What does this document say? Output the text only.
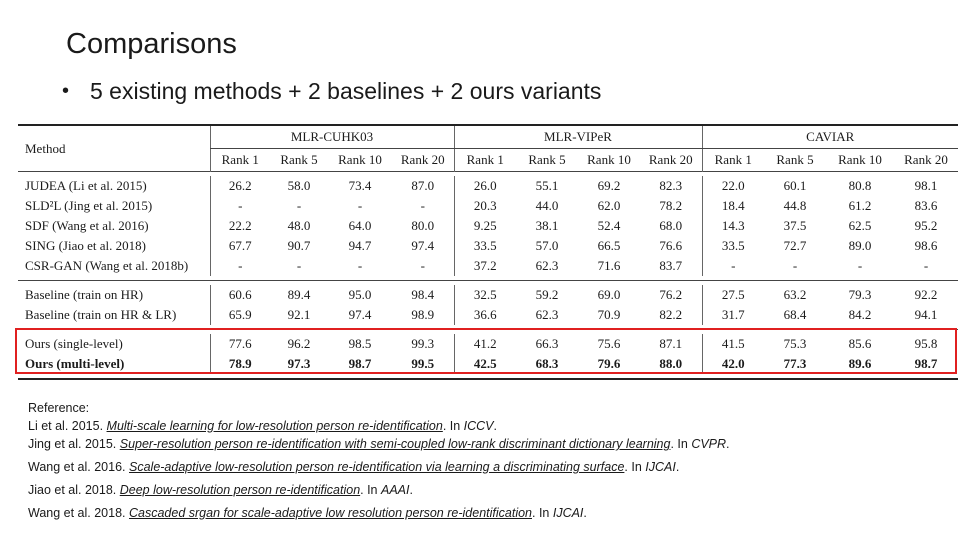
Comparisons
• 5 existing methods + 2 baselines + 2 ours variants

Method	MLR-CUHK03				MLR-VIPeR				CAVIAR			
	Rank 1	Rank 5	Rank 10	Rank 20	Rank 1	Rank 5	Rank 10	Rank 20	Rank 1	Rank 5	Rank 10	Rank 20

JUDEA (Li et al. 2015)	26.2	58.0	73.4	87.0	26.0	55.1	69.2	82.3	22.0	60.1	80.8	98.1
SLD²L (Jing et al. 2015)	-	-	-	-	20.3	44.0	62.0	78.2	18.4	44.8	61.2	83.6
SDF (Wang et al. 2016)	22.2	48.0	64.0	80.0	9.25	38.1	52.4	68.0	14.3	37.5	62.5	95.2
SING (Jiao et al. 2018)	67.7	90.7	94.7	97.4	33.5	57.0	66.5	76.6	33.5	72.7	89.0	98.6
CSR-GAN (Wang et al. 2018b)	-	-	-	-	37.2	62.3	71.6	83.7	-	-	-	-

Baseline (train on HR)	60.6	89.4	95.0	98.4	32.5	59.2	69.0	76.2	27.5	63.2	79.3	92.2
Baseline (train on HR & LR)	65.9	92.1	97.4	98.9	36.6	62.3	70.9	82.2	31.7	68.4	84.2	94.1

Ours (single-level)	77.6	96.2	98.5	99.3	41.2	66.3	75.6	87.1	41.5	75.3	85.6	95.8
Ours (multi-level)	78.9	97.3	98.7	99.5	42.5	68.3	79.6	88.0	42.0	77.3	89.6	98.7

Reference:
Li et al. 2015. Multi-scale learning for low-resolution person re-identification. In ICCV.
Jing et al. 2015. Super-resolution person re-identification with semi-coupled low-rank discriminant dictionary learning. In CVPR.
Wang et al. 2016. Scale-adaptive low-resolution person re-identification via learning a discriminating surface. In IJCAI.
Jiao et al. 2018. Deep low-resolution person re-identification. In AAAI.
Wang et al. 2018. Cascaded srgan for scale-adaptive low resolution person re-identification. In IJCAI.
